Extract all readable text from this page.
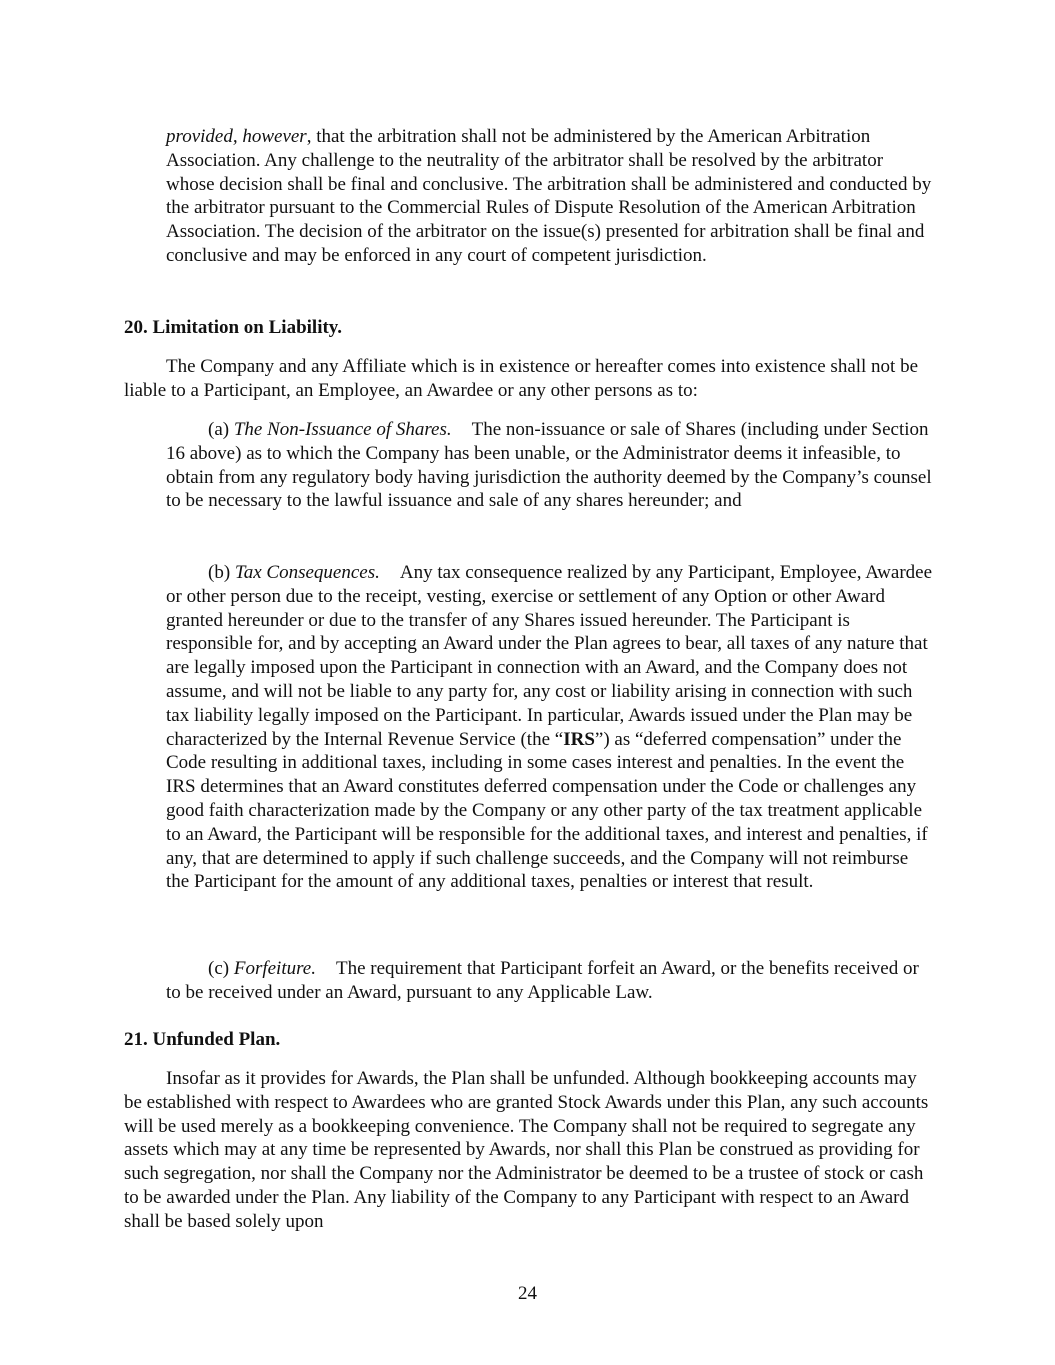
provided, however, that the arbitration shall not be administered by the American Arbitration Association. Any challenge to the neutrality of the arbitrator shall be resolved by the arbitrator whose decision shall be final and conclusive. The arbitration shall be administered and conducted by the arbitrator pursuant to the Commercial Rules of Dispute Resolution of the American Arbitration Association. The decision of the arbitrator on the issue(s) presented for arbitration shall be final and conclusive and may be enforced in any court of competent jurisdiction.

20. Limitation on Liability.

The Company and any Affiliate which is in existence or hereafter comes into existence shall not be liable to a Participant, an Employee, an Awardee or any other persons as to:

(a) The Non-Issuance of Shares. The non-issuance or sale of Shares (including under Section 16 above) as to which the Company has been unable, or the Administrator deems it infeasible, to obtain from any regulatory body having jurisdiction the authority deemed by the Company’s counsel to be necessary to the lawful issuance and sale of any shares hereunder; and

(b) Tax Consequences. Any tax consequence realized by any Participant, Employee, Awardee or other person due to the receipt, vesting, exercise or settlement of any Option or other Award granted hereunder or due to the transfer of any Shares issued hereunder. The Participant is responsible for, and by accepting an Award under the Plan agrees to bear, all taxes of any nature that are legally imposed upon the Participant in connection with an Award, and the Company does not assume, and will not be liable to any party for, any cost or liability arising in connection with such tax liability legally imposed on the Participant. In particular, Awards issued under the Plan may be characterized by the Internal Revenue Service (the “IRS”) as “deferred compensation” under the Code resulting in additional taxes, including in some cases interest and penalties. In the event the IRS determines that an Award constitutes deferred compensation under the Code or challenges any good faith characterization made by the Company or any other party of the tax treatment applicable to an Award, the Participant will be responsible for the additional taxes, and interest and penalties, if any, that are determined to apply if such challenge succeeds, and the Company will not reimburse the Participant for the amount of any additional taxes, penalties or interest that result.

(c) Forfeiture. The requirement that Participant forfeit an Award, or the benefits received or to be received under an Award, pursuant to any Applicable Law.

21. Unfunded Plan.

Insofar as it provides for Awards, the Plan shall be unfunded. Although bookkeeping accounts may be established with respect to Awardees who are granted Stock Awards under this Plan, any such accounts will be used merely as a bookkeeping convenience. The Company shall not be required to segregate any assets which may at any time be represented by Awards, nor shall this Plan be construed as providing for such segregation, nor shall the Company nor the Administrator be deemed to be a trustee of stock or cash to be awarded under the Plan. Any liability of the Company to any Participant with respect to an Award shall be based solely upon

24
